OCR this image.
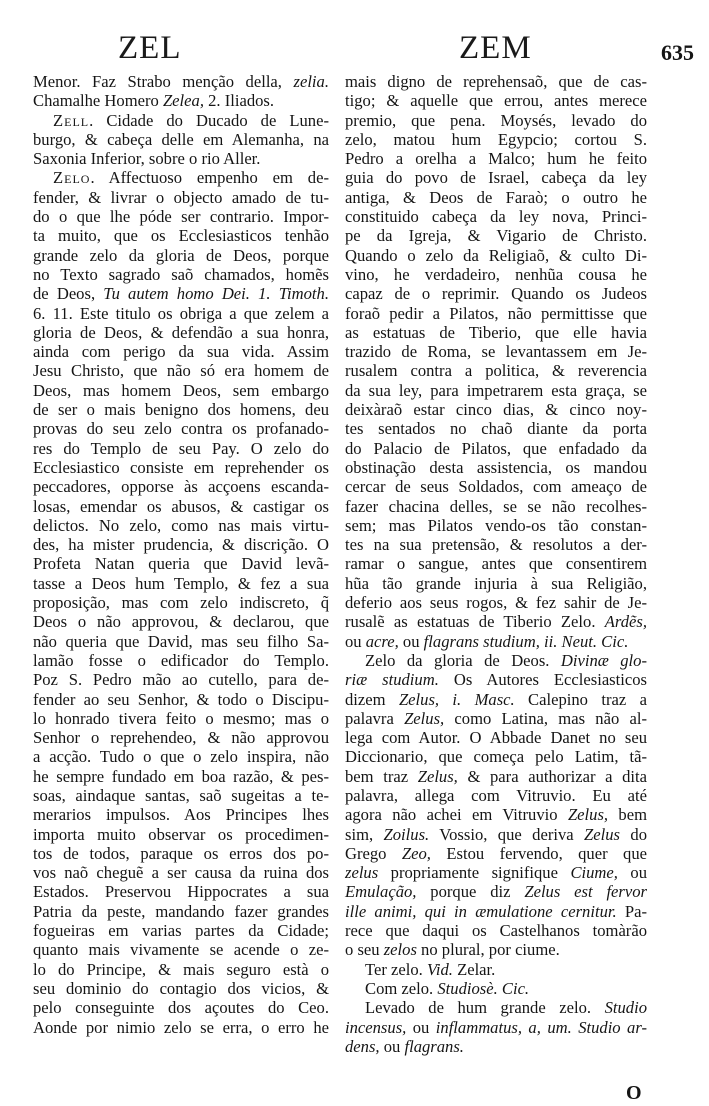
ZEL	ZEM	635
Menor. Faz Strabo menção della, zelia.
Chamalhe Homero Zelea, 2. Iliados.
Zell. Cidade do Ducado de Lune-
burgo, & cabeça delle em Alemanha, na
Saxonia Inferior, sobre o rio Aller.
Zelo. Affectuoso empenho em de-
fender, & livrar o objecto amado de tu-
do o que lhe póde ser contrario. Impor-
ta muito, que os Ecclesiasticos tenhão
grande zelo da gloria de Deos, porque
no Texto sagrado saõ chamados, homẽs
de Deos, Tu autem homo Dei. 1. Timoth.
6. 11. Este titulo os obriga a que zelem a
gloria de Deos, & defendão a sua honra,
ainda com perigo da sua vida. Assim
Jesu Christo, que não só era homem de
Deos, mas homem Deos, sem embargo
de ser o mais benigno dos homens, deu
provas do seu zelo contra os profanado-
res do Templo de seu Pay. O zelo do
Ecclesiastico consiste em reprehender os
peccadores, opporse às acçoens escanda-
losas, emendar os abusos, & castigar os
delictos. No zelo, como nas mais virtu-
des, ha mister prudencia, & discrição. O
Profeta Natan queria que David levã-
tasse a Deos hum Templo, & fez a sua
proposição, mas com zelo indiscreto, q̃
Deos o não approvou, & declarou, que
não queria que David, mas seu filho Sa-
lamão fosse o edificador do Templo.
Poz S. Pedro mão ao cutello, para de-
fender ao seu Senhor, & todo o Discipu-
lo honrado tivera feito o mesmo; mas o
Senhor o reprehendeo, & não approvou
a acção. Tudo o que o zelo inspira, não
he sempre fundado em boa razão, & pes-
soas, aindaque santas, saõ sugeitas a te-
merarios impulsos. Aos Principes lhes
importa muito observar os procedimen-
tos de todos, paraque os erros dos po-
vos naõ cheguẽ a ser causa da ruina dos
Estados. Preservou Hippocrates a sua
Patria da peste, mandando fazer grandes
fogueiras em varias partes da Cidade;
quanto mais vivamente se acende o ze-
lo do Principe, & mais seguro està o
seu dominio do contagio dos vicios, &
pelo conseguinte dos açoutes do Ceo.
Aonde por nimio zelo se erra, o erro he
mais digno de reprehensaõ, que de cas-
tigo; & aquelle que errou, antes merece
premio, que pena. Moysés, levado do
zelo, matou hum Egypcio; cortou S.
Pedro a orelha a Malco; hum he feito
guia do povo de Israel, cabeça da ley
antiga, & Deos de Faraò; o outro he
constituido cabeça da ley nova, Princi-
pe da Igreja, & Vigario de Christo.
Quando o zelo da Religiaõ, & culto Di-
vino, he verdadeiro, nenhũa cousa he
capaz de o reprimir. Quando os Judeos
foraõ pedir a Pilatos, não permittisse que
as estatuas de Tiberio, que elle havia
trazido de Roma, se levantassem em Je-
rusalem contra a politica, & reverencia
da sua ley, para impetrarem esta graça, se
deixàraõ estar cinco dias, & cinco noy-
tes sentados no chaõ diante da porta
do Palacio de Pilatos, que enfadado da
obstinação desta assistencia, os mandou
cercar de seus Soldados, com ameaço de
fazer chacina delles, se se não recolhes-
sem; mas Pilatos vendo-os tão constan-
tes na sua pretensão, & resolutos a der-
ramar o sangue, antes que consentirem
hũa tão grande injuria à sua Religião,
deferio aos seus rogos, & fez sahir de Je-
rusalẽ as estatuas de Tiberio Zelo. Ardẽs,
ou acre, ou flagrans studium, ii. Neut. Cic.
Zelo da gloria de Deos. Divinæ glo-
riæ studium. Os Autores Ecclesiasticos
dizem Zelus, i. Masc. Calepino traz a
palavra Zelus, como Latina, mas não al-
lega com Autor. O Abbade Danet no seu
Diccionario, que começa pelo Latim, tã-
bem traz Zelus, & para authorizar a dita
palavra, allega com Vitruvio. Eu até
agora não achei em Vitruvio Zelus, bem
sim, Zoilus. Vossio, que deriva Zelus do
Grego Zeo, Estou fervendo, quer que
zelus propriamente signifique Ciume, ou
Emulação, porque diz Zelus est fervor
ille animi, qui in æmulatione cernitur. Pa-
rece que daqui os Castelhanos tomàrão
o seu zelos no plural, por ciume.
Ter zelo. Vid. Zelar.
Com zelo. Studiosè. Cic.
Levado de hum grande zelo. Studio
incensus, ou inflammatus, a, um. Studio ar-
dens, ou flagrans.
O
